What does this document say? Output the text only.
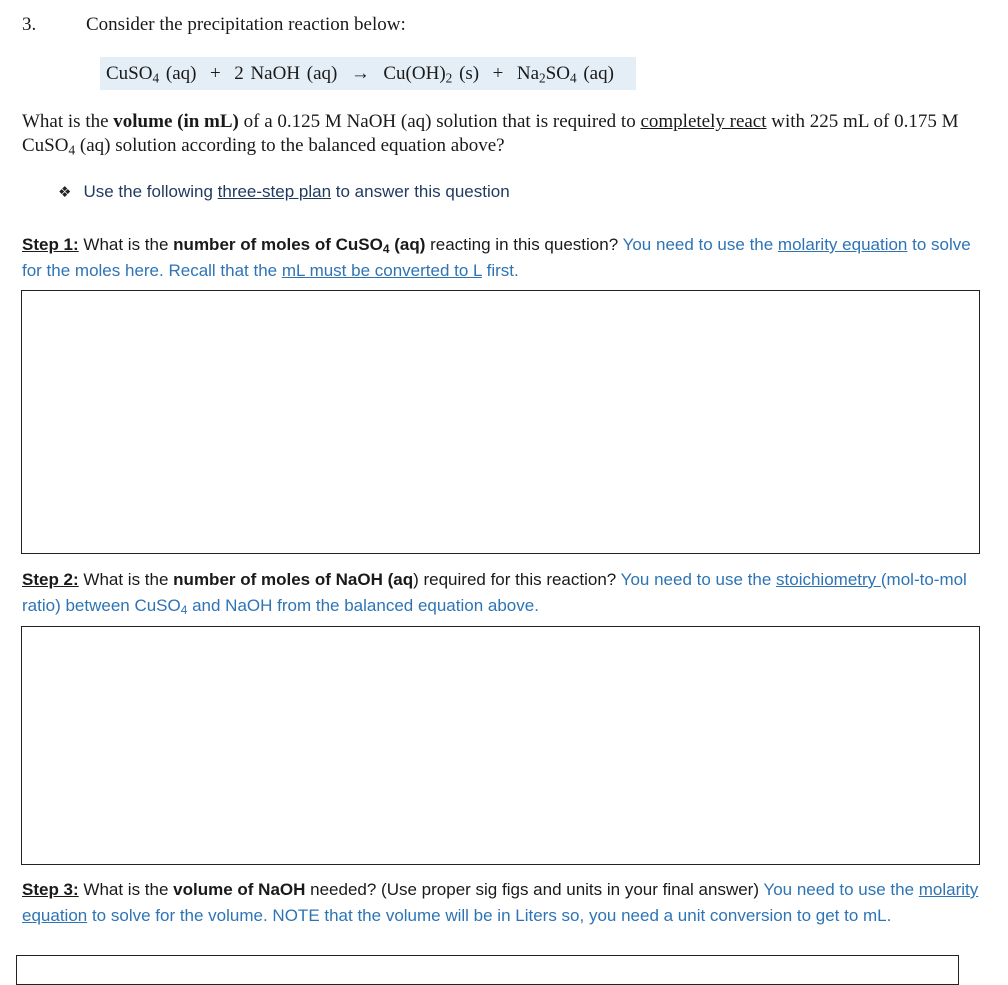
3.	Consider the precipitation reaction below:
CuSO$_4$ (aq) + 2 NaOH $(aq) \to Cu(OH)_2$ $(s) + Na_2SO_4$ (aq)
What is the volume (in mL) of a 0.125 M NaOH (aq) solution that is required to completely react with 225 mL of 0.175 M CuSO$_4$ (aq) solution according to the balanced equation above?
❖ Use the following three-step plan to answer this question
Step 1: What is the number of moles of CuSO$_4$ (aq) reacting in this question? You need to use the molarity equation to solve for the moles here. Recall that the mL must be converted to L first.
Step 2: What is the number of moles of NaOH (aq) required for this reaction? You need to use the stoichiometry (mol-to-mol ratio) between CuSO$_4$ and NaOH from the balanced equation above.
Step 3: What is the volume of NaOH needed? (Use proper sig figs and units in your final answer) You need to use the molarity equation to solve for the volume. NOTE that the volume will be in Liters so, you need a unit conversion to get to mL.
